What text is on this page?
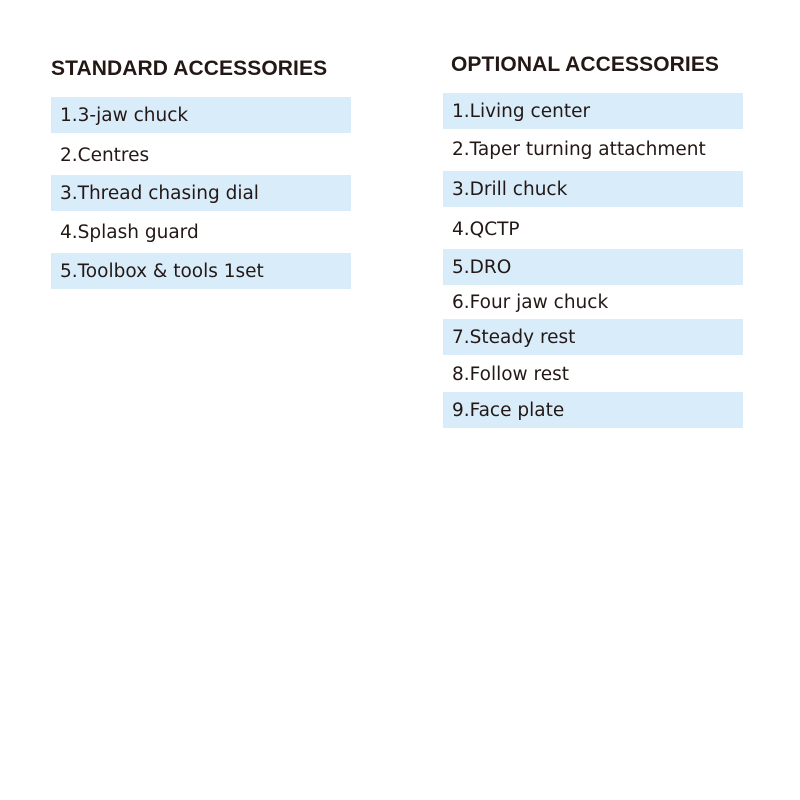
STANDARD ACCESSORIES
1.3-jaw chuck
2.Centres
3.Thread chasing dial
4.Splash guard
5.Toolbox & tools 1set
OPTIONAL ACCESSORIES
1.Living center
2.Taper turning attachment
3.Drill chuck
4.QCTP
5.DRO
6.Four jaw chuck
7.Steady rest
8.Follow rest
9.Face plate
